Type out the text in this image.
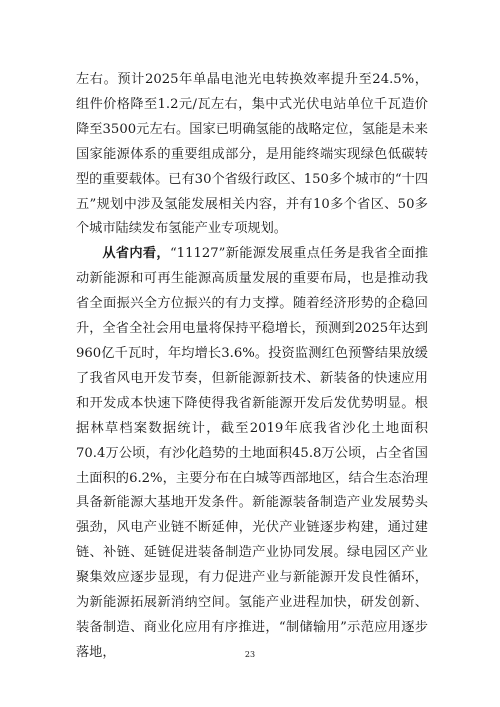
左右。预计2025年单晶电池光电转换效率提升至24.5%，组件价格降至1.2元/瓦左右，集中式光伏电站单位千瓦造价降至3500元左右。国家已明确氢能的战略定位，氢能是未来国家能源体系的重要组成部分，是用能终端实现绿色低碳转型的重要载体。已有30个省级行政区、150多个城市的“十四五”规划中涉及氢能发展相关内容，并有10多个省区、50多个城市陆续发布氢能产业专项规划。

从省内看，“11127”新能源发展重点任务是我省全面推动新能源和可再生能源高质量发展的重要布局，也是推动我省全面振兴全方位振兴的有力支撑。随着经济形势的企稳回升，全省全社会用电量将保持平稳增长，预测到2025年达到960亿千瓦时，年均增长3.6%。投资监测红色预警结果放缓了我省风电开发节奏，但新能源新技术、新装备的快速应用和开发成本快速下降使得我省新能源开发后发优势明显。根据林草档案数据统计，截至2019年底我省沙化土地面积70.4万公顷，有沙化趋势的土地面积45.8万公顷，占全省国土面积的6.2%，主要分布在白城等西部地区，结合生态治理具备新能源大基地开发条件。新能源装备制造产业发展势头强劲，风电产业链不断延伸，光伏产业链逐步构建，通过建链、补链、延链促进装备制造产业协同发展。绿电园区产业聚集效应逐步显现，有力促进产业与新能源开发良性循环，为新能源拓展新消纳空间。氢能产业进程加快，研发创新、装备制造、商业化应用有序推进，“制储输用”示范应用逐步落地，	23
